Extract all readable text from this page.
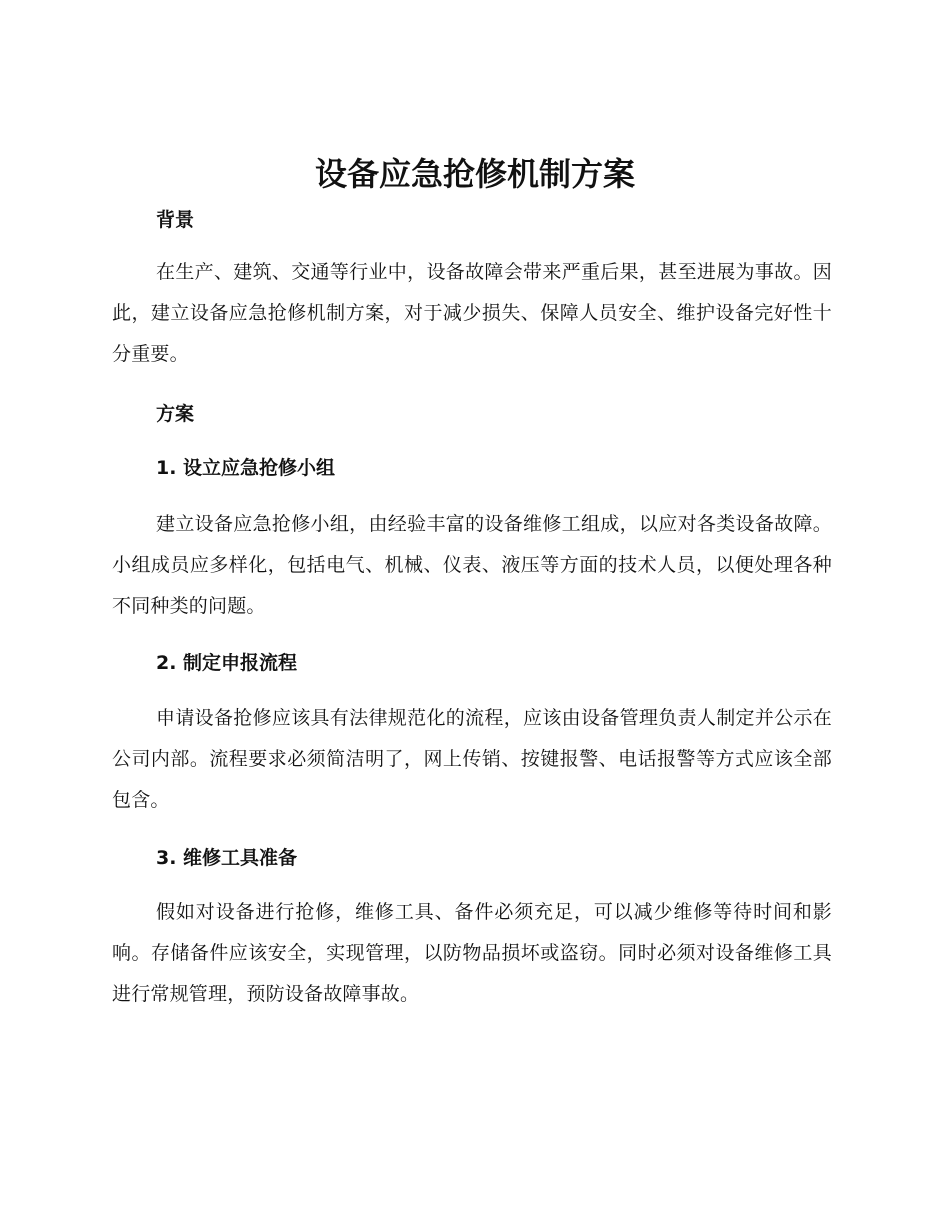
设备应急抢修机制方案
背景

在生产、建筑、交通等行业中，设备故障会带来严重后果，甚至进展为事故。因此，建立设备应急抢修机制方案，对于减少损失、保障人员安全、维护设备完好性十分重要。

方案
1. 设立应急抢修小组

建立设备应急抢修小组，由经验丰富的设备维修工组成，以应对各类设备故障。小组成员应多样化，包括电气、机械、仪表、液压等方面的技术人员，以便处理各种不同种类的问题。

2. 制定申报流程

申请设备抢修应该具有法律规范化的流程，应该由设备管理负责人制定并公示在公司内部。流程要求必须简洁明了，网上传销、按键报警、电话报警等方式应该全部包含。

3. 维修工具准备

假如对设备进行抢修，维修工具、备件必须充足，可以减少维修等待时间和影响。存储备件应该安全，实现管理，以防物品损坏或盗窃。同时必须对设备维修工具进行常规管理，预防设备故障事故。
